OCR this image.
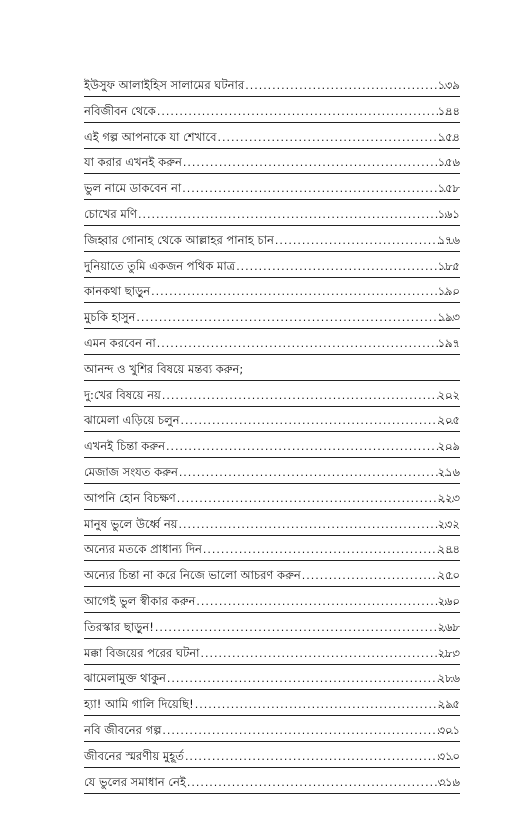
ইউসুফ আলাইহিস সালামের ঘটনার .....	১৩৯
নবিজীবন থেকে .....	১৪৪
এই গল্প আপনাকে যা শেখাবে .....	১৫৪
যা করার এখনই করুন .....	১৫৬
ভুল নামে ডাকবেন না .....	১৫৮
চোখের মণি .....	১৬১
জিহ্বার গোনাহ থেকে আল্লাহর পানাহ চান .....	১৭৬
দুনিয়াতে তুমি একজন পথিক মাত্র .....	১৮৫
কানকথা ছাড়ুন .....	১৯০
মুচকি হাসুন .....	১৯৩
এমন করবেন না .....	১৯৭
আনন্দ ও খুশির বিষয়ে মন্তব্য করুন;
দু:খের বিষয়ে নয় .....	২০২
ঝামেলা এড়িয়ে চলুন .....	২০৫
এখনই চিন্তা করুন .....	২০৯
মেজাজ সংযত করুন .....	২১৬
আপনি হোন বিচক্ষণ .....	২২৩
মানুষ ভুলে উর্ধ্বে নয় .....	২৩২
অন্যের মতকে প্রাধান্য দিন .....	২৪৪
অন্যের চিন্তা না করে নিজে ভালো আচরণ করুন .....	২৫০
আগেই ভুল স্বীকার করুন .....	২৬০
তিরস্কার ছাড়ুন! .....	২৬৮
মক্কা বিজয়ের পরের ঘটনা .....	২৮৩
ঝামেলামুক্ত থাকুন .....	২৮৬
হ্যা! আমি গালি দিয়েছি! .....	২৯৫
নবি জীবনের গল্প .....	৩০১
জীবনের স্মরণীয় মুহূর্ত .....	৩১০
যে ভুলের সমাধান নেই .....	৩১৬
